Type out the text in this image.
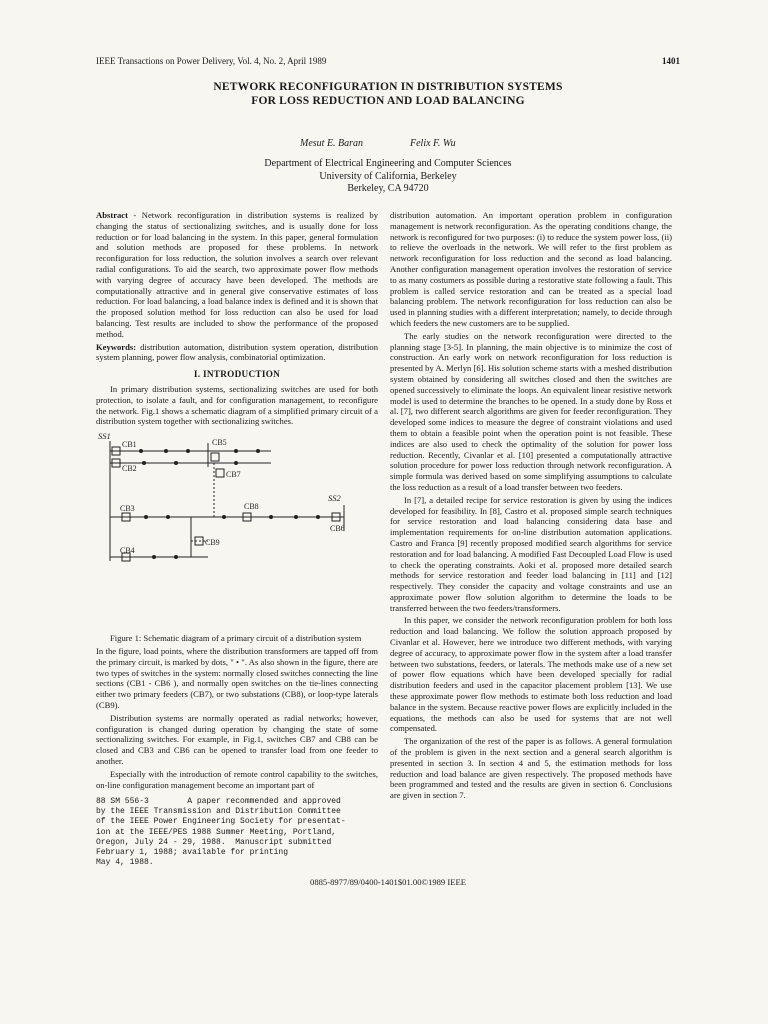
IEEE Transactions on Power Delivery, Vol. 4, No. 2, April 1989	1401
NETWORK RECONFIGURATION IN DISTRIBUTION SYSTEMS
FOR LOSS REDUCTION AND LOAD BALANCING
Mesut E. Baran	Felix F. Wu
Department of Electrical Engineering and Computer Sciences
University of California, Berkeley
Berkeley, CA 94720

Abstract - Network reconfiguration in distribution systems is realized by changing the status of sectionalizing switches, and is usually done for loss reduction or for load balancing in the system. In this paper, general formulation and solution methods are proposed for these problems. In network reconfiguration for loss reduction, the solution involves a search over relevant radial configurations. To aid the search, two approximate power flow methods with varying degree of accuracy have been developed. The methods are computationally attractive and in general give conservative estimates of loss reduction. For load balancing, a load balance index is defined and it is shown that the proposed solution method for loss reduction can also be used for load balancing. Test results are included to show the performance of the proposed method.

Keywords: distribution automation, distribution system operation, distribution system planning, power flow analysis, combinatorial optimization.

I. INTRODUCTION

In primary distribution systems, sectionalizing switches are used for both protection, to isolate a fault, and for configuration management, to reconfigure the network. Fig.1 shows a schematic diagram of a simplified primary circuit of a distribution system together with sectionalizing switches.

SS1
SS2
CB1
CB2
CB3
CB4
CB5
CB6
CB7
CB8
CB9

Figure 1: Schematic diagram of a primary circuit of a distribution system

In the figure, load points, where the distribution transformers are tapped off from the primary circuit, is marked by dots, " • ". As also shown in the figure, there are two types of switches in the system: normally closed switches connecting the line sections (CB1 - CB6 ), and normally open switches on the tie-lines connecting either two primary feeders (CB7), or two substations (CB8), or loop-type laterals (CB9).

Distribution systems are normally operated as radial networks; however, configuration is changed during operation by changing the state of some sectionalizing switches. For example, in Fig.1, switches CB7 and CB8 can be closed and CB3 and CB6 can be opened to transfer load from one feeder to another.

Especially with the introduction of remote control capability to the switches, on-line configuration management become an important part of

88 SM 556-3        A paper recommended and approved
by the IEEE Transmission and Distribution Committee
of the IEEE Power Engineering Society for presentat-
ion at the IEEE/PES 1988 Summer Meeting, Portland,
Oregon, July 24 - 29, 1988.  Manuscript submitted
February 1, 1988; available for printing
May 4, 1988.

distribution automation. An important operation problem in configuration management is network reconfiguration. As the operating conditions change, the network is reconfigured for two purposes: (i) to reduce the system power loss, (ii) to relieve the overloads in the network. We will refer to the first problem as network reconfiguration for loss reduction and the second as load balancing. Another configuration management operation involves the restoration of service to as many costumers as possible during a restorative state following a fault. This problem is called service restoration and can be treated as a special load balancing problem. The network reconfiguration for loss reduction can also be used in planning studies with a different interpretation; namely, to decide through which feeders the new customers are to be supplied.

The early studies on the network reconfiguration were directed to the planning stage [3-5]. In planning, the main objective is to minimize the cost of construction. An early work on network reconfiguration for loss reduction is presented by A. Merlyn [6]. His solution scheme starts with a meshed distribution system obtained by considering all switches closed and then the switches are opened successively to eliminate the loops. An equivalent linear resistive network model is used to determine the branches to be opened. In a study done by Ross et al. [7], two different search algorithms are given for feeder reconfiguration. They developed some indices to measure the degree of constraint violations and used them to obtain a feasible point when the operation point is not feasible. These indices are also used to check the optimality of the solution for power loss reduction. Recently, Civanlar et al. [10] presented a computationally attractive solution procedure for power loss reduction through network reconfiguration. A simple formula was derived based on some simplifying assumptions to calculate the loss reduction as a result of a load transfer between two feeders.

In [7], a detailed recipe for service restoration is given by using the indices developed for feasibility. In [8], Castro et al. proposed simple search techniques for service restoration and load balancing considering data base and implementation requirements for on-line distribution automation applications. Castro and Franca [9] recently proposed modified search algorithms for service restoration and for load balancing. A modified Fast Decoupled Load Flow is used to check the operating constraints. Aoki et al. proposed more detailed search methods for service restoration and feeder load balancing in [11] and [12] respectively. They consider the capacity and voltage constraints and use an approximate power flow solution algorithm to determine the loads to be transferred between the two feeders/transformers.

In this paper, we consider the network reconfiguration problem for both loss reduction and load balancing. We follow the solution approach proposed by Civanlar et al. However, here we introduce two different methods, with varying degree of accuracy, to approximate power flow in the system after a load transfer between two substations, feeders, or laterals. The methods make use of a new set of power flow equations which have been developed specially for radial distribution feeders and used in the capacitor placement problem [13]. We use these approximate power flow methods to estimate both loss reduction and load balance in the system. Because reactive power flows are explicitly included in the equations, the methods can also be used for systems that are not well compensated.

The organization of the rest of the paper is as follows. A general formulation of the problem is given in the next section and a general search algorithm is presented in section 3. In section 4 and 5, the estimation methods for loss reduction and load balance are given respectively. The proposed methods have been programmed and tested and the results are given in section 6. Conclusions are given in section 7.

0885-8977/89/0400-1401$01.00©1989 IEEE
